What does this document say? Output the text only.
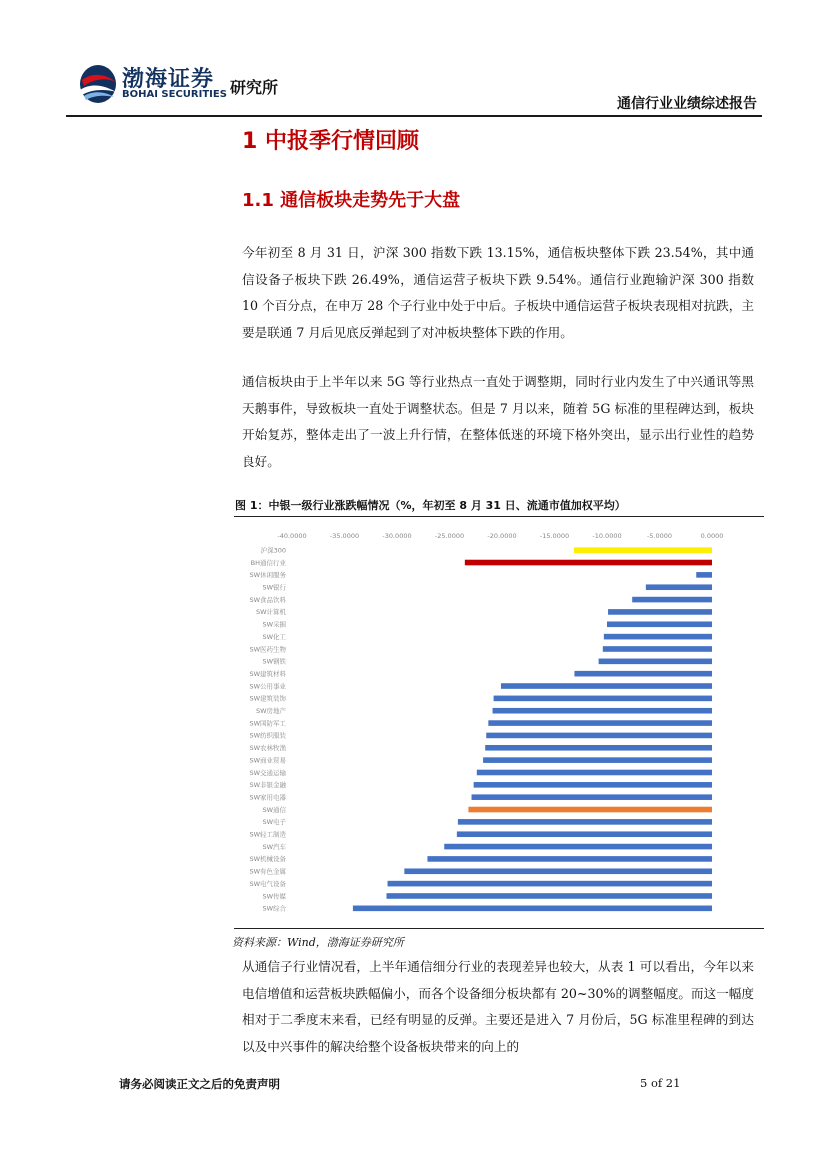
渤海证券
BOHAI SECURITIES 研究所
通信行业业绩综述报告
1 中报季行情回顾
1.1 通信板块走势先于大盘

今年初至 8 月 31 日，沪深 300 指数下跌 13.15%，通信板块整体下跌 23.54%，其中通信设备子板块下跌 26.49%，通信运营子板块下跌 9.54%。通信行业跑输沪深 300 指数 10 个百分点，在申万 28 个子行业中处于中后。子板块中通信运营子板块表现相对抗跌，主要是联通 7 月后见底反弹起到了对冲板块整体下跌的作用。

通信板块由于上半年以来 5G 等行业热点一直处于调整期，同时行业内发生了中兴通讯等黑天鹅事件，导致板块一直处于调整状态。但是 7 月以来，随着 5G 标准的里程碑达到，板块开始复苏，整体走出了一波上升行情，在整体低迷的环境下格外突出，显示出行业性的趋势良好。

图 1：中银一级行业涨跌幅情况（%，年初至 8 月 31 日、流通市值加权平均）
-40.0000	-35.0000	-30.0000	-25.0000	-20.0000	-15.0000	-10.0000	-5.0000	0.0000
沪深300
BH通信行业
SW休闲服务
SW银行
SW食品饮料
SW计算机
SW采掘
SW化工
SW医药生物
SW钢铁
SW建筑材料
SW公用事业
SW建筑装饰
SW房地产
SW国防军工
SW纺织服装
SW农林牧渔
SW商业贸易
SW交通运输
SW非银金融
SW家用电器
SW通信
SW电子
SW轻工制造
SW汽车
SW机械设备
SW有色金属
SW电气设备
SW传媒
SW综合
资料来源：Wind，渤海证券研究所

从通信子行业情况看，上半年通信细分行业的表现差异也较大，从表 1 可以看出，今年以来电信增值和运营板块跌幅偏小，而各个设备细分板块都有 20~30%的调整幅度。而这一幅度相对于二季度末来看，已经有明显的反弹。主要还是进入 7 月份后，5G 标准里程碑的到达以及中兴事件的解决给整个设备板块带来的向上的

请务必阅读正文之后的免责声明	5 of 21
